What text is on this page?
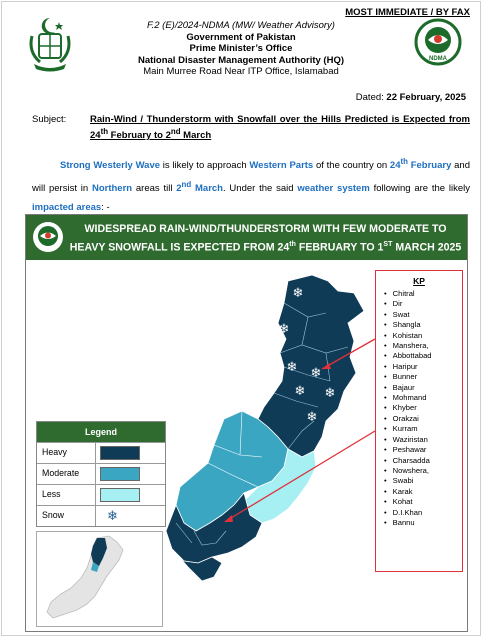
MOST IMMEDIATE / BY FAX
F.2 (E)/2024-NDMA (MW/ Weather Advisory)
Government of Pakistan
Prime Minister’s Office
National Disaster Management Authority (HQ)
Main Murree Road Near ITP Office, Islamabad
NDMA
Dated: 22 February, 2025
Subject: Rain-Wind / Thunderstorm with Snowfall over the Hills Predicted is Expected from 24th February to 2nd March
Strong Westerly Wave is likely to approach Western Parts of the country on 24th February and will persist in Northern areas till 2nd March. Under the said weather system following are the likely impacted areas: -
WIDESPREAD RAIN-WIND/THUNDERSTORM WITH FEW MODERATE TO
HEAVY SNOWFALL IS EXPECTED FROM 24th FEBRUARY TO 1ST MARCH 2025
❄
❄
❄ ❄
❄ ❄
❄
KP
• Chitral
• Dir
• Swat
• Shangla
• Kohistan
• Manshera,
• Abbottabad
• Haripur
• Bunner
• Bajaur
• Mohmand
• Khyber
• Orakzai
• Kurram
• Waziristan
• Peshawar
• Charsadda
• Nowshera,
• Swabi
• Karak
• Kohat
• D.I.Khan
• Bannu
Legend
Heavy
Moderate
Less
Snow	❄
